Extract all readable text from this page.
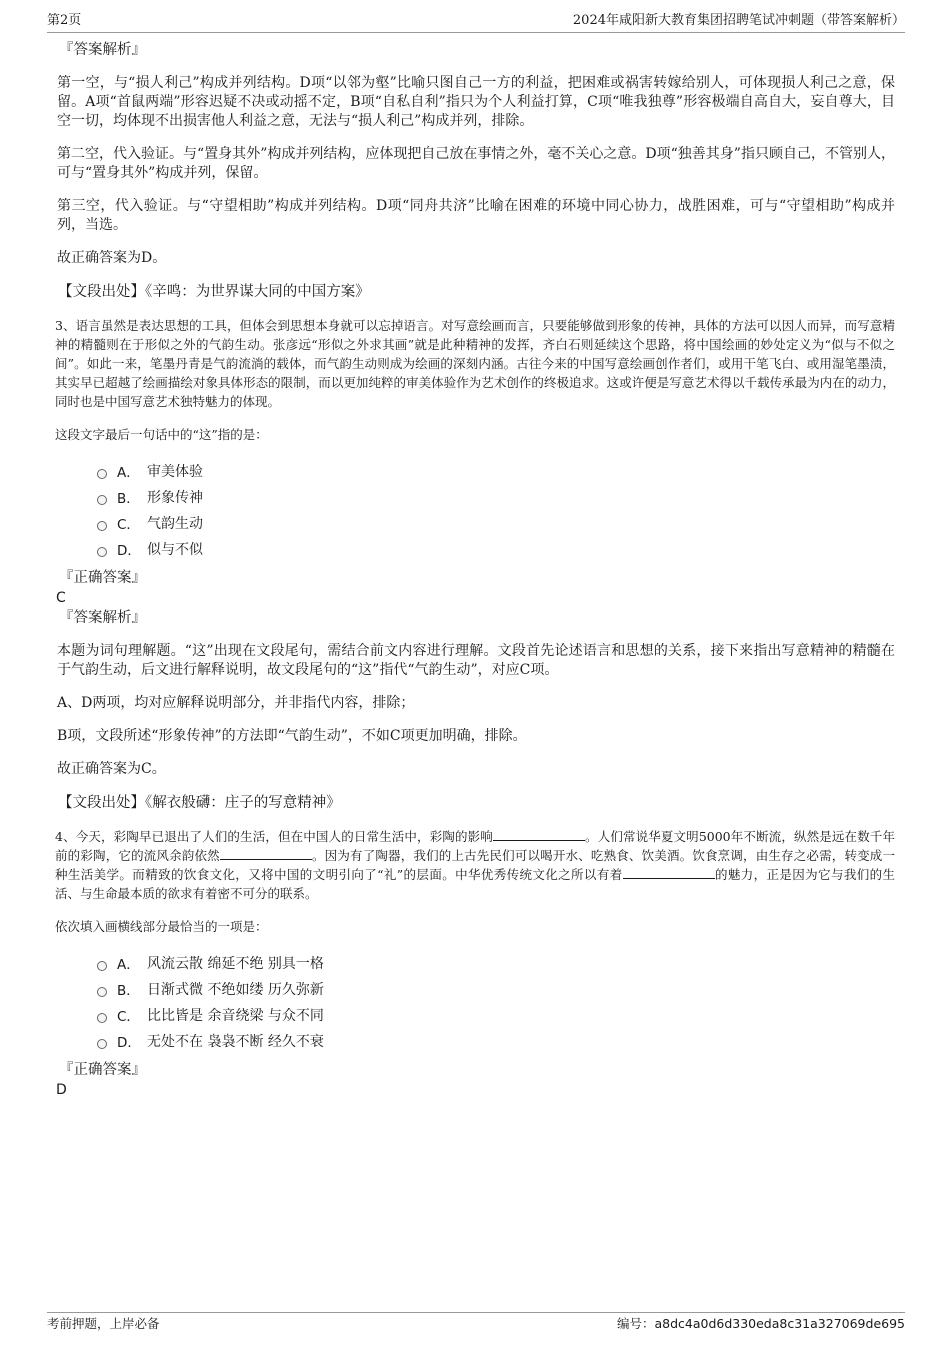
第2页	2024年咸阳新大教育集团招聘笔试冲刺题（带答案解析）
『答案解析』
第一空，与“损人利己”构成并列结构。D项“以邻为壑”比喻只图自己一方的利益，把困难或祸害转嫁给别人，可体现损人利己之意，保留。A项“首鼠两端”形容迟疑不决或动摇不定，B项“自私自利”指只为个人利益打算，C项“唯我独尊”形容极端自高自大，妄自尊大，目空一切，均体现不出损害他人利益之意，无法与“损人利己”构成并列，排除。
第二空，代入验证。与“置身其外”构成并列结构，应体现把自己放在事情之外，毫不关心之意。D项“独善其身”指只顾自己，不管别人，可与“置身其外”构成并列，保留。
第三空，代入验证。与“守望相助”构成并列结构。D项“同舟共济”比喻在困难的环境中同心协力，战胜困难，可与“守望相助”构成并列，当选。
故正确答案为D。
【文段出处】《辛鸣：为世界谋大同的中国方案》
3、语言虽然是表达思想的工具，但体会到思想本身就可以忘掉语言。对写意绘画而言，只要能够做到形象的传神，具体的方法可以因人而异，而写意精神的精髓则在于形似之外的气韵生动。张彦远“形似之外求其画”就是此种精神的发挥，齐白石则延续这个思路，将中国绘画的妙处定义为“似与不似之间”。如此一来，笔墨丹青是气韵流淌的载体，而气韵生动则成为绘画的深刻内涵。古往今来的中国写意绘画创作者们，或用干笔飞白、或用湿笔墨渍，其实早已超越了绘画描绘对象具体形态的限制，而以更加纯粹的审美体验作为艺术创作的终极追求。这或许便是写意艺术得以千载传承最为内在的动力，同时也是中国写意艺术独特魅力的体现。
这段文字最后一句话中的“这”指的是：
A． 审美体验
B． 形象传神
C． 气韵生动
D． 似与不似
『正确答案』
C
『答案解析』
本题为词句理解题。“这”出现在文段尾句，需结合前文内容进行理解。文段首先论述语言和思想的关系，接下来指出写意精神的精髓在于气韵生动，后文进行解释说明，故文段尾句的“这”指代“气韵生动”，对应C项。
A、D两项，均对应解释说明部分，并非指代内容，排除；
B项，文段所述“形象传神”的方法即“气韵生动”，不如C项更加明确，排除。
故正确答案为C。
【文段出处】《解衣般礴：庄子的写意精神》
4、今天，彩陶早已退出了人们的生活，但在中国人的日常生活中，彩陶的影响	。人们常说华夏文明5000年不断流，纵然是远在数千年前的彩陶，它的流风余韵依然	。因为有了陶器，我们的上古先民们可以喝开水、吃熟食、饮美酒。饮食烹调，由生存之必需，转变成一种生活美学。而精致的饮食文化，又将中国的文明引向了“礼”的层面。中华优秀传统文化之所以有着	的魅力，正是因为它与我们的生活、与生命最本质的欲求有着密不可分的联系。
依次填入画横线部分最恰当的一项是：
A． 风流云散 绵延不绝 别具一格
B． 日渐式微 不绝如缕 历久弥新
C． 比比皆是 余音绕梁 与众不同
D． 无处不在 袅袅不断 经久不衰
『正确答案』
D
考前押题，上岸必备	编号：a8dc4a0d6d330eda8c31a327069de695
